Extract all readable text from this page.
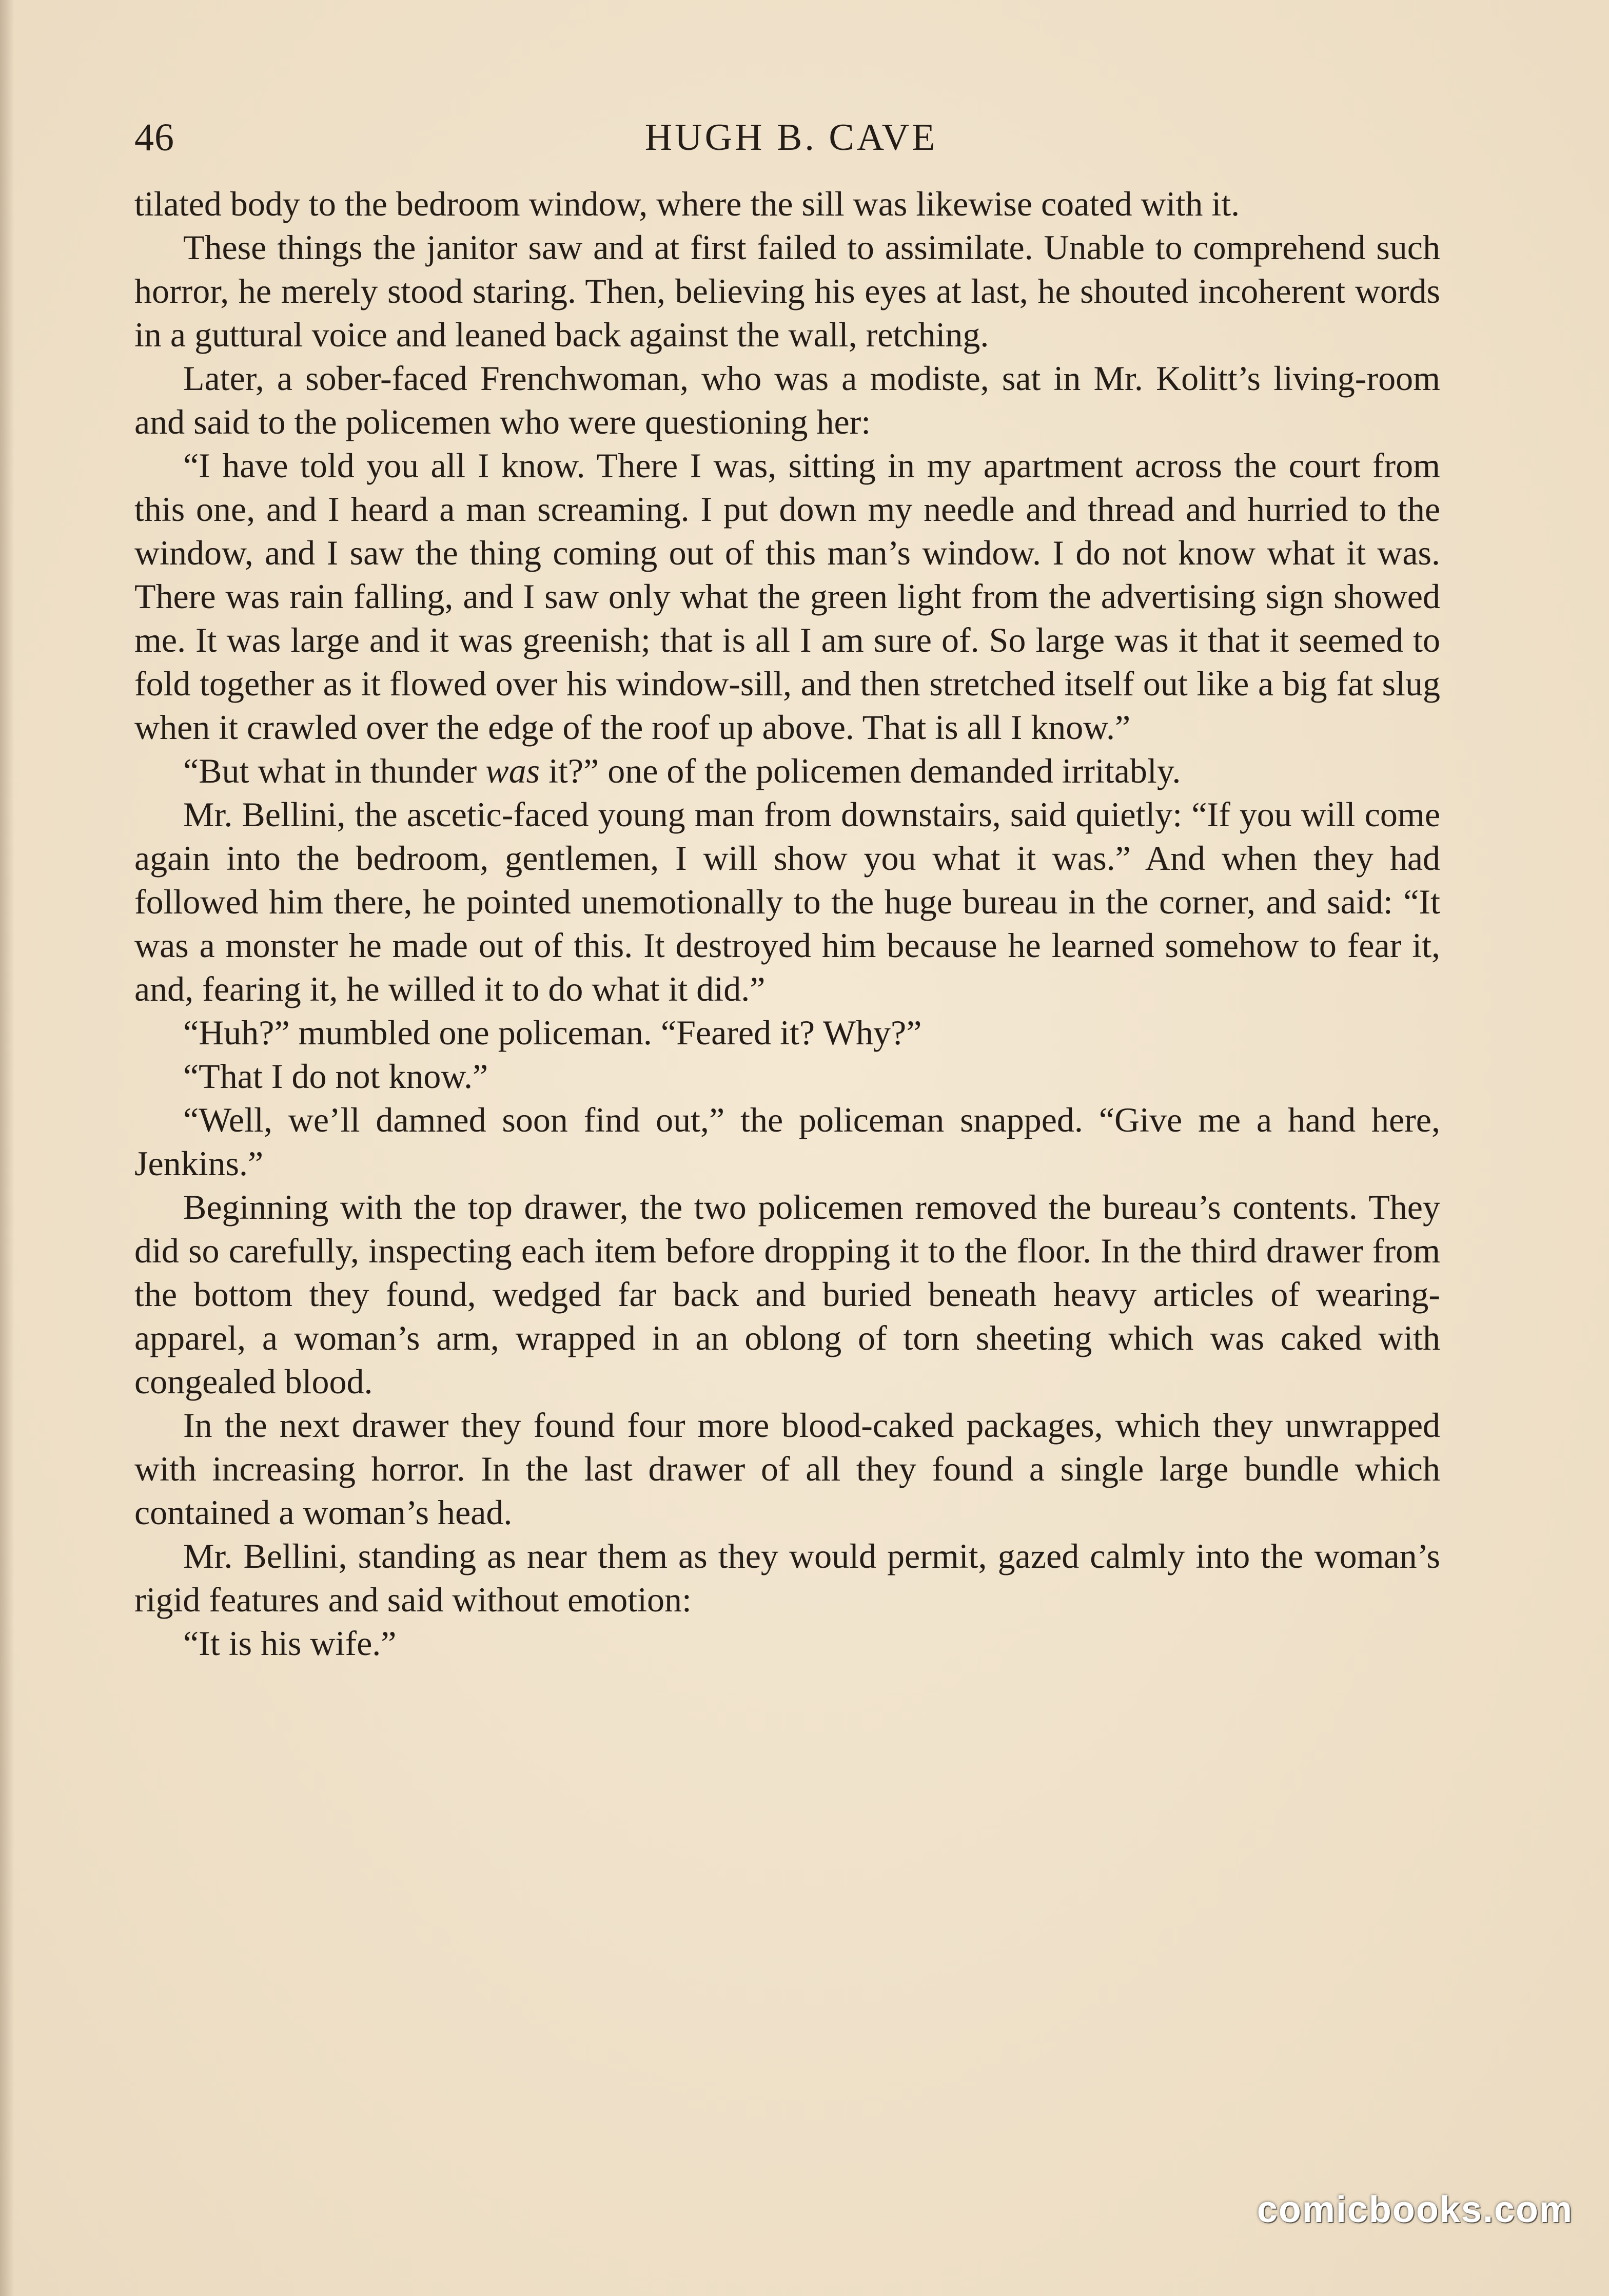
46	HUGH B. CAVE

tilated body to the bedroom window, where the sill was likewise coated with it.

These things the janitor saw and at first failed to assimilate. Unable to comprehend such horror, he merely stood staring. Then, believing his eyes at last, he shouted incoherent words in a guttural voice and leaned back against the wall, retching.

Later, a sober-faced Frenchwoman, who was a modiste, sat in Mr. Kolitt’s living-room and said to the policemen who were questioning her:

“I have told you all I know. There I was, sitting in my apartment across the court from this one, and I heard a man screaming. I put down my needle and thread and hurried to the window, and I saw the thing coming out of this man’s window. I do not know what it was. There was rain falling, and I saw only what the green light from the advertising sign showed me. It was large and it was greenish; that is all I am sure of. So large was it that it seemed to fold together as it flowed over his window-sill, and then stretched itself out like a big fat slug when it crawled over the edge of the roof up above. That is all I know.”

“But what in thunder was it?” one of the policemen demanded irritably.

Mr. Bellini, the ascetic-faced young man from downstairs, said quietly: “If you will come again into the bedroom, gentlemen, I will show you what it was.” And when they had followed him there, he pointed unemotionally to the huge bureau in the corner, and said: “It was a monster he made out of this. It destroyed him because he learned somehow to fear it, and, fearing it, he willed it to do what it did.”

“Huh?” mumbled one policeman. “Feared it? Why?”

“That I do not know.”

“Well, we’ll damned soon find out,” the policeman snapped. “Give me a hand here, Jenkins.”

Beginning with the top drawer, the two policemen removed the bureau’s contents. They did so carefully, inspecting each item before dropping it to the floor. In the third drawer from the bottom they found, wedged far back and buried beneath heavy articles of wearing-apparel, a woman’s arm, wrapped in an oblong of torn sheeting which was caked with congealed blood.

In the next drawer they found four more blood-caked packages, which they unwrapped with increasing horror. In the last drawer of all they found a single large bundle which contained a woman’s head.

Mr. Bellini, standing as near them as they would permit, gazed calmly into the woman’s rigid features and said without emotion:

“It is his wife.”

comicbooks.com
